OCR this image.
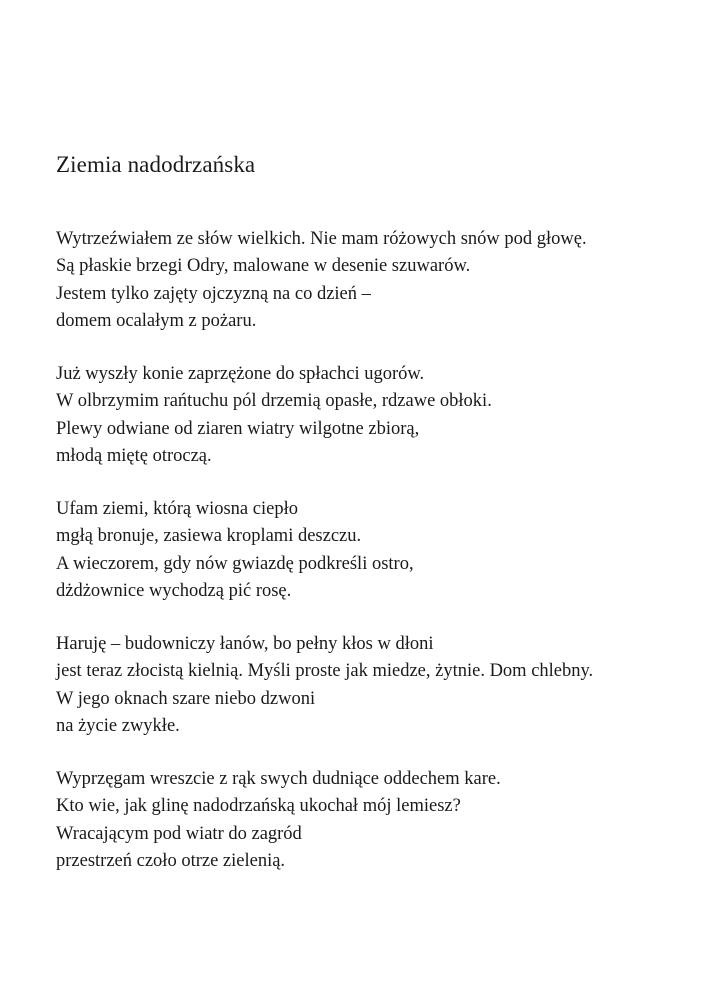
Ziemia nadodrzańska

Wytrzeźwiałem ze słów wielkich. Nie mam różowych snów pod głowę.
Są płaskie brzegi Odry, malowane w desenie szuwarów.
Jestem tylko zajęty ojczyzną na co dzień –
domem ocalałym z pożaru.

Już wyszły konie zaprzężone do spłachci ugorów.
W olbrzymim rańtuchu pól drzemią opasłe, rdzawe obłoki.
Plewy odwiane od ziaren wiatry wilgotne zbiorą,
młodą miętę otroczą.

Ufam ziemi, którą wiosna ciepło
mgłą bronuje, zasiewa kroplami deszczu.
A wieczorem, gdy nów gwiazdę podkreśli ostro,
dżdżownice wychodzą pić rosę.

Haruję – budowniczy łanów, bo pełny kłos w dłoni
jest teraz złocistą kielnią. Myśli proste jak miedze, żytnie. Dom chlebny.
W jego oknach szare niebo dzwoni
na życie zwykłe.

Wyprzęgam wreszcie z rąk swych dudniące oddechem kare.
Kto wie, jak glinę nadodrzańską ukochał mój lemiesz?
Wracającym pod wiatr do zagród
przestrzeń czoło otrze zielenią.
